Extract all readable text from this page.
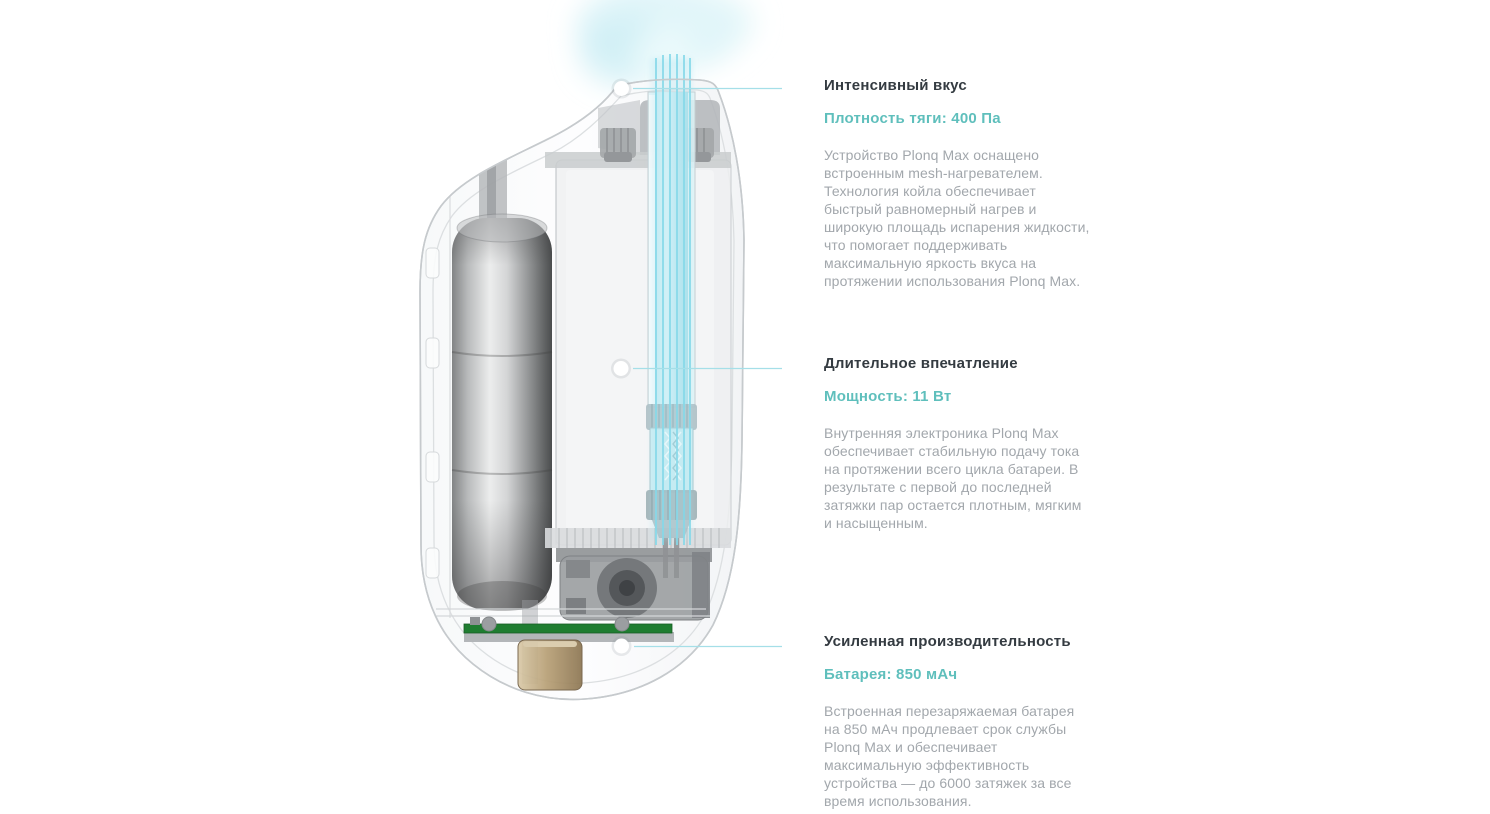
Интенсивный вкус
Плотность тяги: 400 Па

Устройство Plonq Max оснащено встроенным mesh-нагревателем. Технология койла обеспечивает быстрый равномерный нагрев и широкую площадь испарения жидкости, что помогает поддерживать максимальную яркость вкуса на протяжении использования Plonq Max.

Длительное впечатление
Мощность: 11 Вт

Внутренняя электроника Plonq Max обеспечивает стабильную подачу тока на протяжении всего цикла батареи. В результате с первой до последней затяжки пар остается плотным, мягким и насыщенным.

Усиленная производительность
Батарея: 850 мАч

Встроенная перезаряжаемая батарея на 850 мАч продлевает срок службы Plonq Max и обеспечивает максимальную эффективность устройства — до 6000 затяжек за все время использования.
